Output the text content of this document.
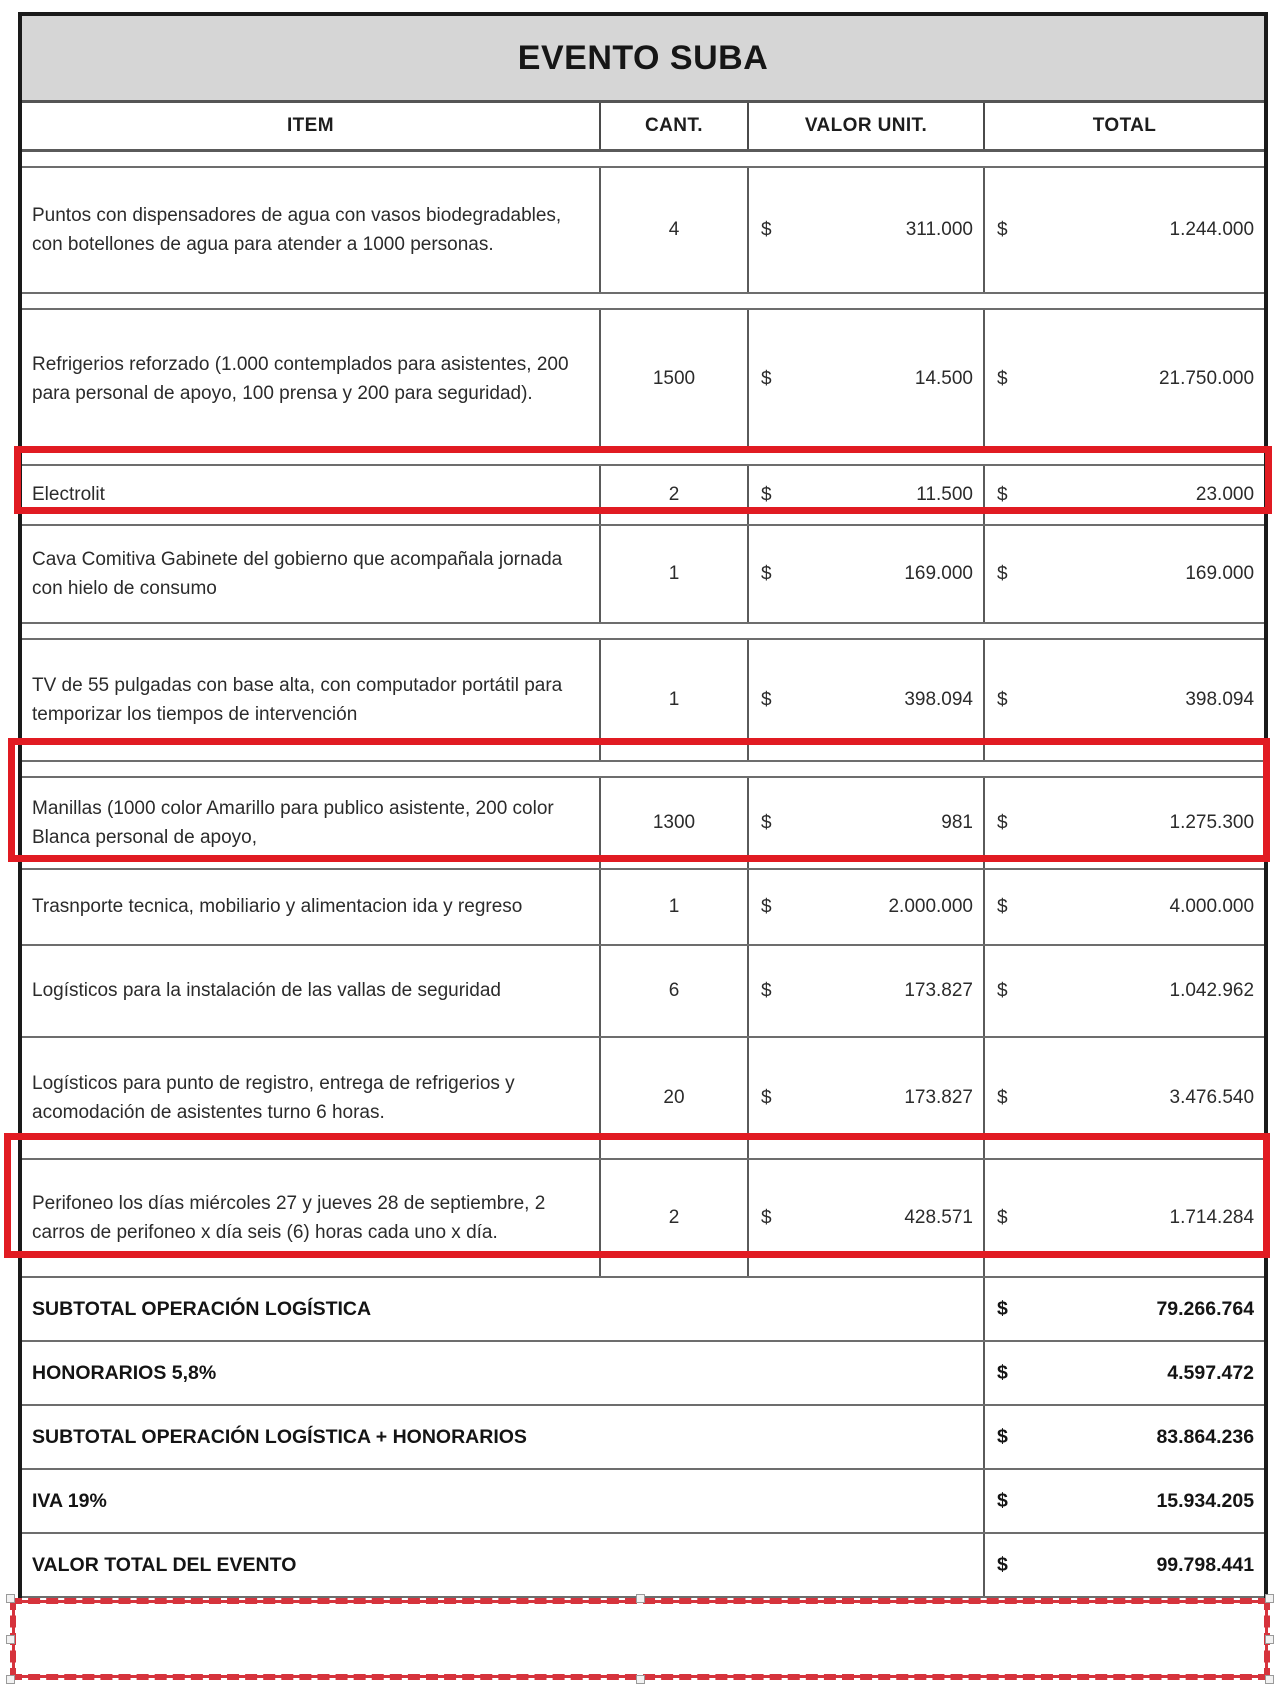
EVENTO SUBA			
ITEM	CANT.	VALOR UNIT.	TOTAL

Puntos con dispensadores de agua con vasos biodegradables, con botellones de agua para atender a 1000 personas.	4	$ 311.000	$ 1.244.000

Refrigerios reforzado (1.000 contemplados para asistentes, 200 para personal de apoyo, 100 prensa y 200 para seguridad).	1500	$ 14.500	$ 21.750.000

Electrolit	2	$ 11.500	$ 23.000
Cava Comitiva Gabinete del gobierno que acompañala jornada con hielo de consumo	1	$ 169.000	$ 169.000

TV de 55 pulgadas con base alta, con computador portátil para temporizar los tiempos de intervención	1	$ 398.094	$ 398.094

Manillas (1000 color Amarillo para publico asistente, 200 color Blanca personal de apoyo,	1300	$ 981	$ 1.275.300
Trasnporte tecnica, mobiliario y alimentacion ida y regreso	1	$ 2.000.000	$ 4.000.000
Logísticos para la instalación de las vallas de seguridad	6	$ 173.827	$ 1.042.962
Logísticos para punto de registro, entrega de refrigerios y acomodación de asistentes turno 6 horas.	20	$ 173.827	$ 3.476.540
Perifoneo los días miércoles 27 y jueves 28 de septiembre, 2 carros de perifoneo x día seis (6) horas cada uno x día.	2	$ 428.571	$ 1.714.284
SUBTOTAL OPERACIÓN LOGÍSTICA			$ 79.266.764
HONORARIOS 5,8%			$ 4.597.472
SUBTOTAL OPERACIÓN LOGÍSTICA + HONORARIOS			$ 83.864.236
IVA 19%			$ 15.934.205
VALOR TOTAL DEL EVENTO			$ 99.798.441
